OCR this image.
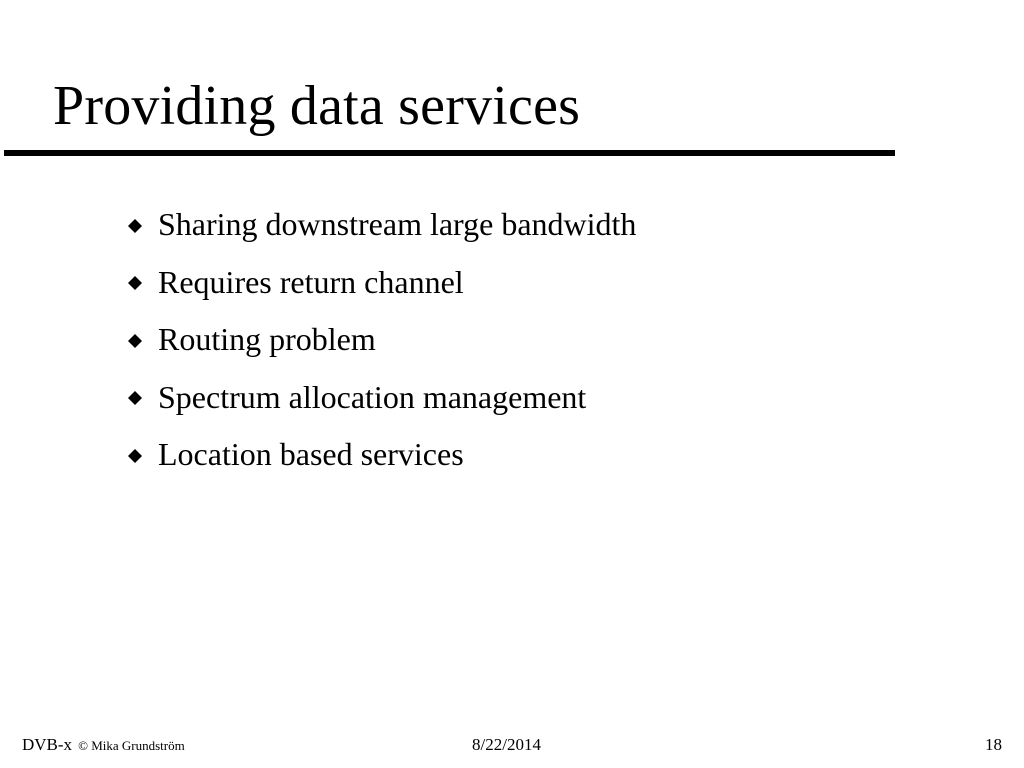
Providing data services
Sharing downstream large bandwidth
Requires return channel
Routing problem
Spectrum allocation management
Location based services
DVB-x © Mika Grundström	8/22/2014	18
